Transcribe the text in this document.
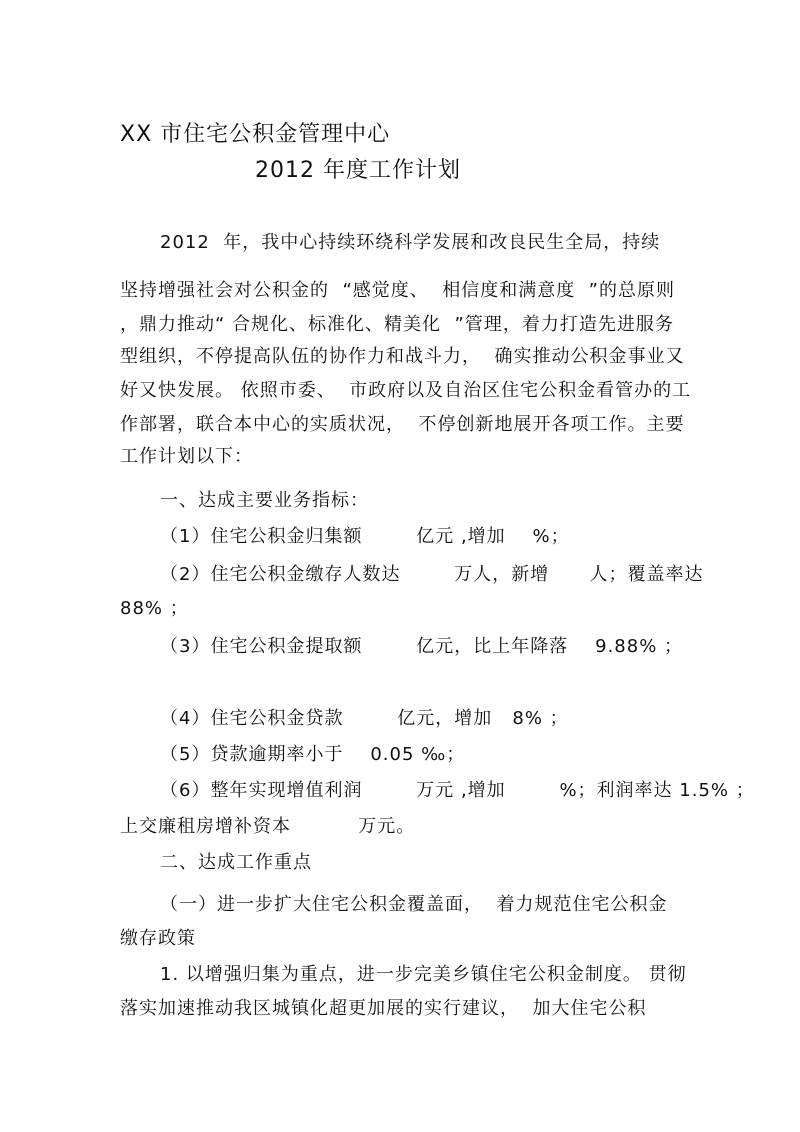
XX 市住宅公积金管理中心
2012 年度工作计划
2012  年，我中心持续环绕科学发展和改良民生全局，持续
坚持增强社会对公积金的  “感觉度、  相信度和满意度  ”的总原则
，鼎力推动“ 合规化、标准化、精美化  ”管理，着力打造先进服务
型组织，不停提高队伍的协作力和战斗力，  确实推动公积金事业又
好又快发展。 依照市委、  市政府以及自治区住宅公积金看管办的工
作部署，联合本中心的实质状况，  不停创新地展开各项工作。主要
工作计划以下：
一、达成主要业务指标：
（1）住宅公积金归集额        亿元 ,增加    %；
（2）住宅公积金缴存人数达        万人，新增      人；覆盖率达
88% ；
（3）住宅公积金提取额        亿元，比上年降落    9.88% ；
（4）住宅公积金贷款        亿元，增加   8% ；
（5）贷款逾期率小于    0.05 ‰；
（6）整年实现增值利润        万元 ,增加        %；利润率达 1.5% ；
上交廉租房增补资本          万元。
二、达成工作重点
（一）进一步扩大住宅公积金覆盖面，  着力规范住宅公积金
缴存政策
1. 以增强归集为重点，进一步完美乡镇住宅公积金制度。 贯彻
落实加速推动我区城镇化超更加展的实行建议，  加大住宅公积
